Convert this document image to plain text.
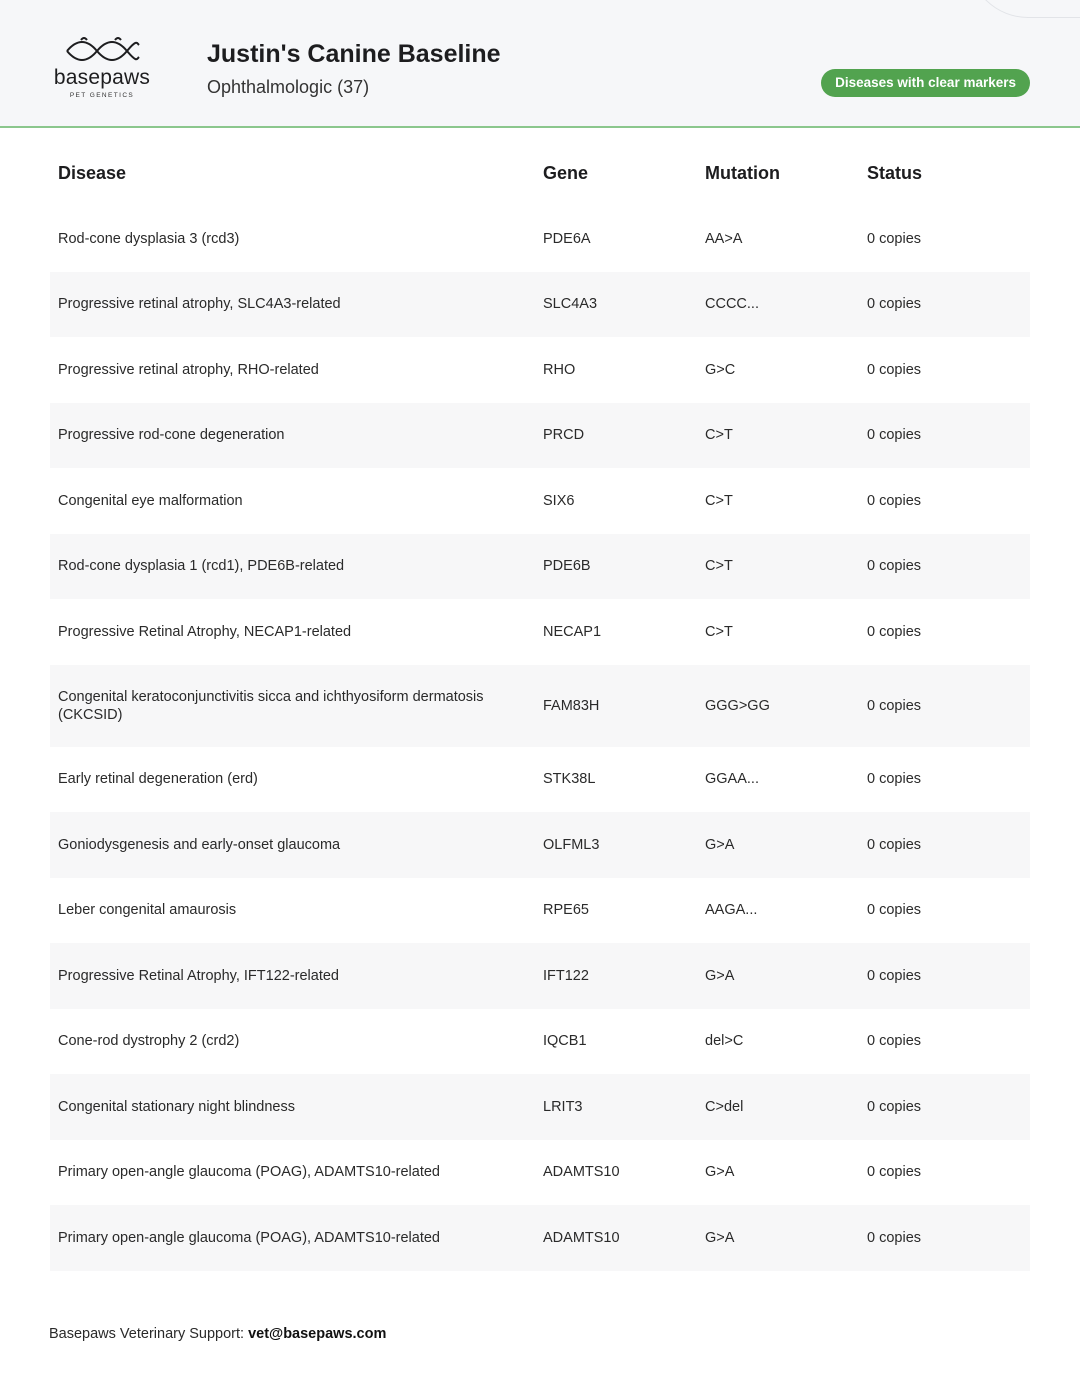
basepaws
PET GENETICS
Justin's Canine Baseline
Ophthalmologic (37)	Diseases with clear markers
Disease	Gene	Mutation	Status
Rod-cone dysplasia 3 (rcd3)	PDE6A	AA>A	0 copies
Progressive retinal atrophy, SLC4A3-related	SLC4A3	CCCC...	0 copies
Progressive retinal atrophy, RHO-related	RHO	G>C	0 copies
Progressive rod-cone degeneration	PRCD	C>T	0 copies
Congenital eye malformation	SIX6	C>T	0 copies
Rod-cone dysplasia 1 (rcd1), PDE6B-related	PDE6B	C>T	0 copies
Progressive Retinal Atrophy, NECAP1-related	NECAP1	C>T	0 copies
Congenital keratoconjunctivitis sicca and ichthyosiform dermatosis (CKCSID)	FAM83H	GGG>GG	0 copies
Early retinal degeneration (erd)	STK38L	GGAA...	0 copies
Goniodysgenesis and early-onset glaucoma	OLFML3	G>A	0 copies
Leber congenital amaurosis	RPE65	AAGA...	0 copies
Progressive Retinal Atrophy, IFT122-related	IFT122	G>A	0 copies
Cone-rod dystrophy 2 (crd2)	IQCB1	del>C	0 copies
Congenital stationary night blindness	LRIT3	C>del	0 copies
Primary open-angle glaucoma (POAG), ADAMTS10-related	ADAMTS10	G>A	0 copies
Primary open-angle glaucoma (POAG), ADAMTS10-related	ADAMTS10	G>A	0 copies
Basepaws Veterinary Support: vet@basepaws.com
